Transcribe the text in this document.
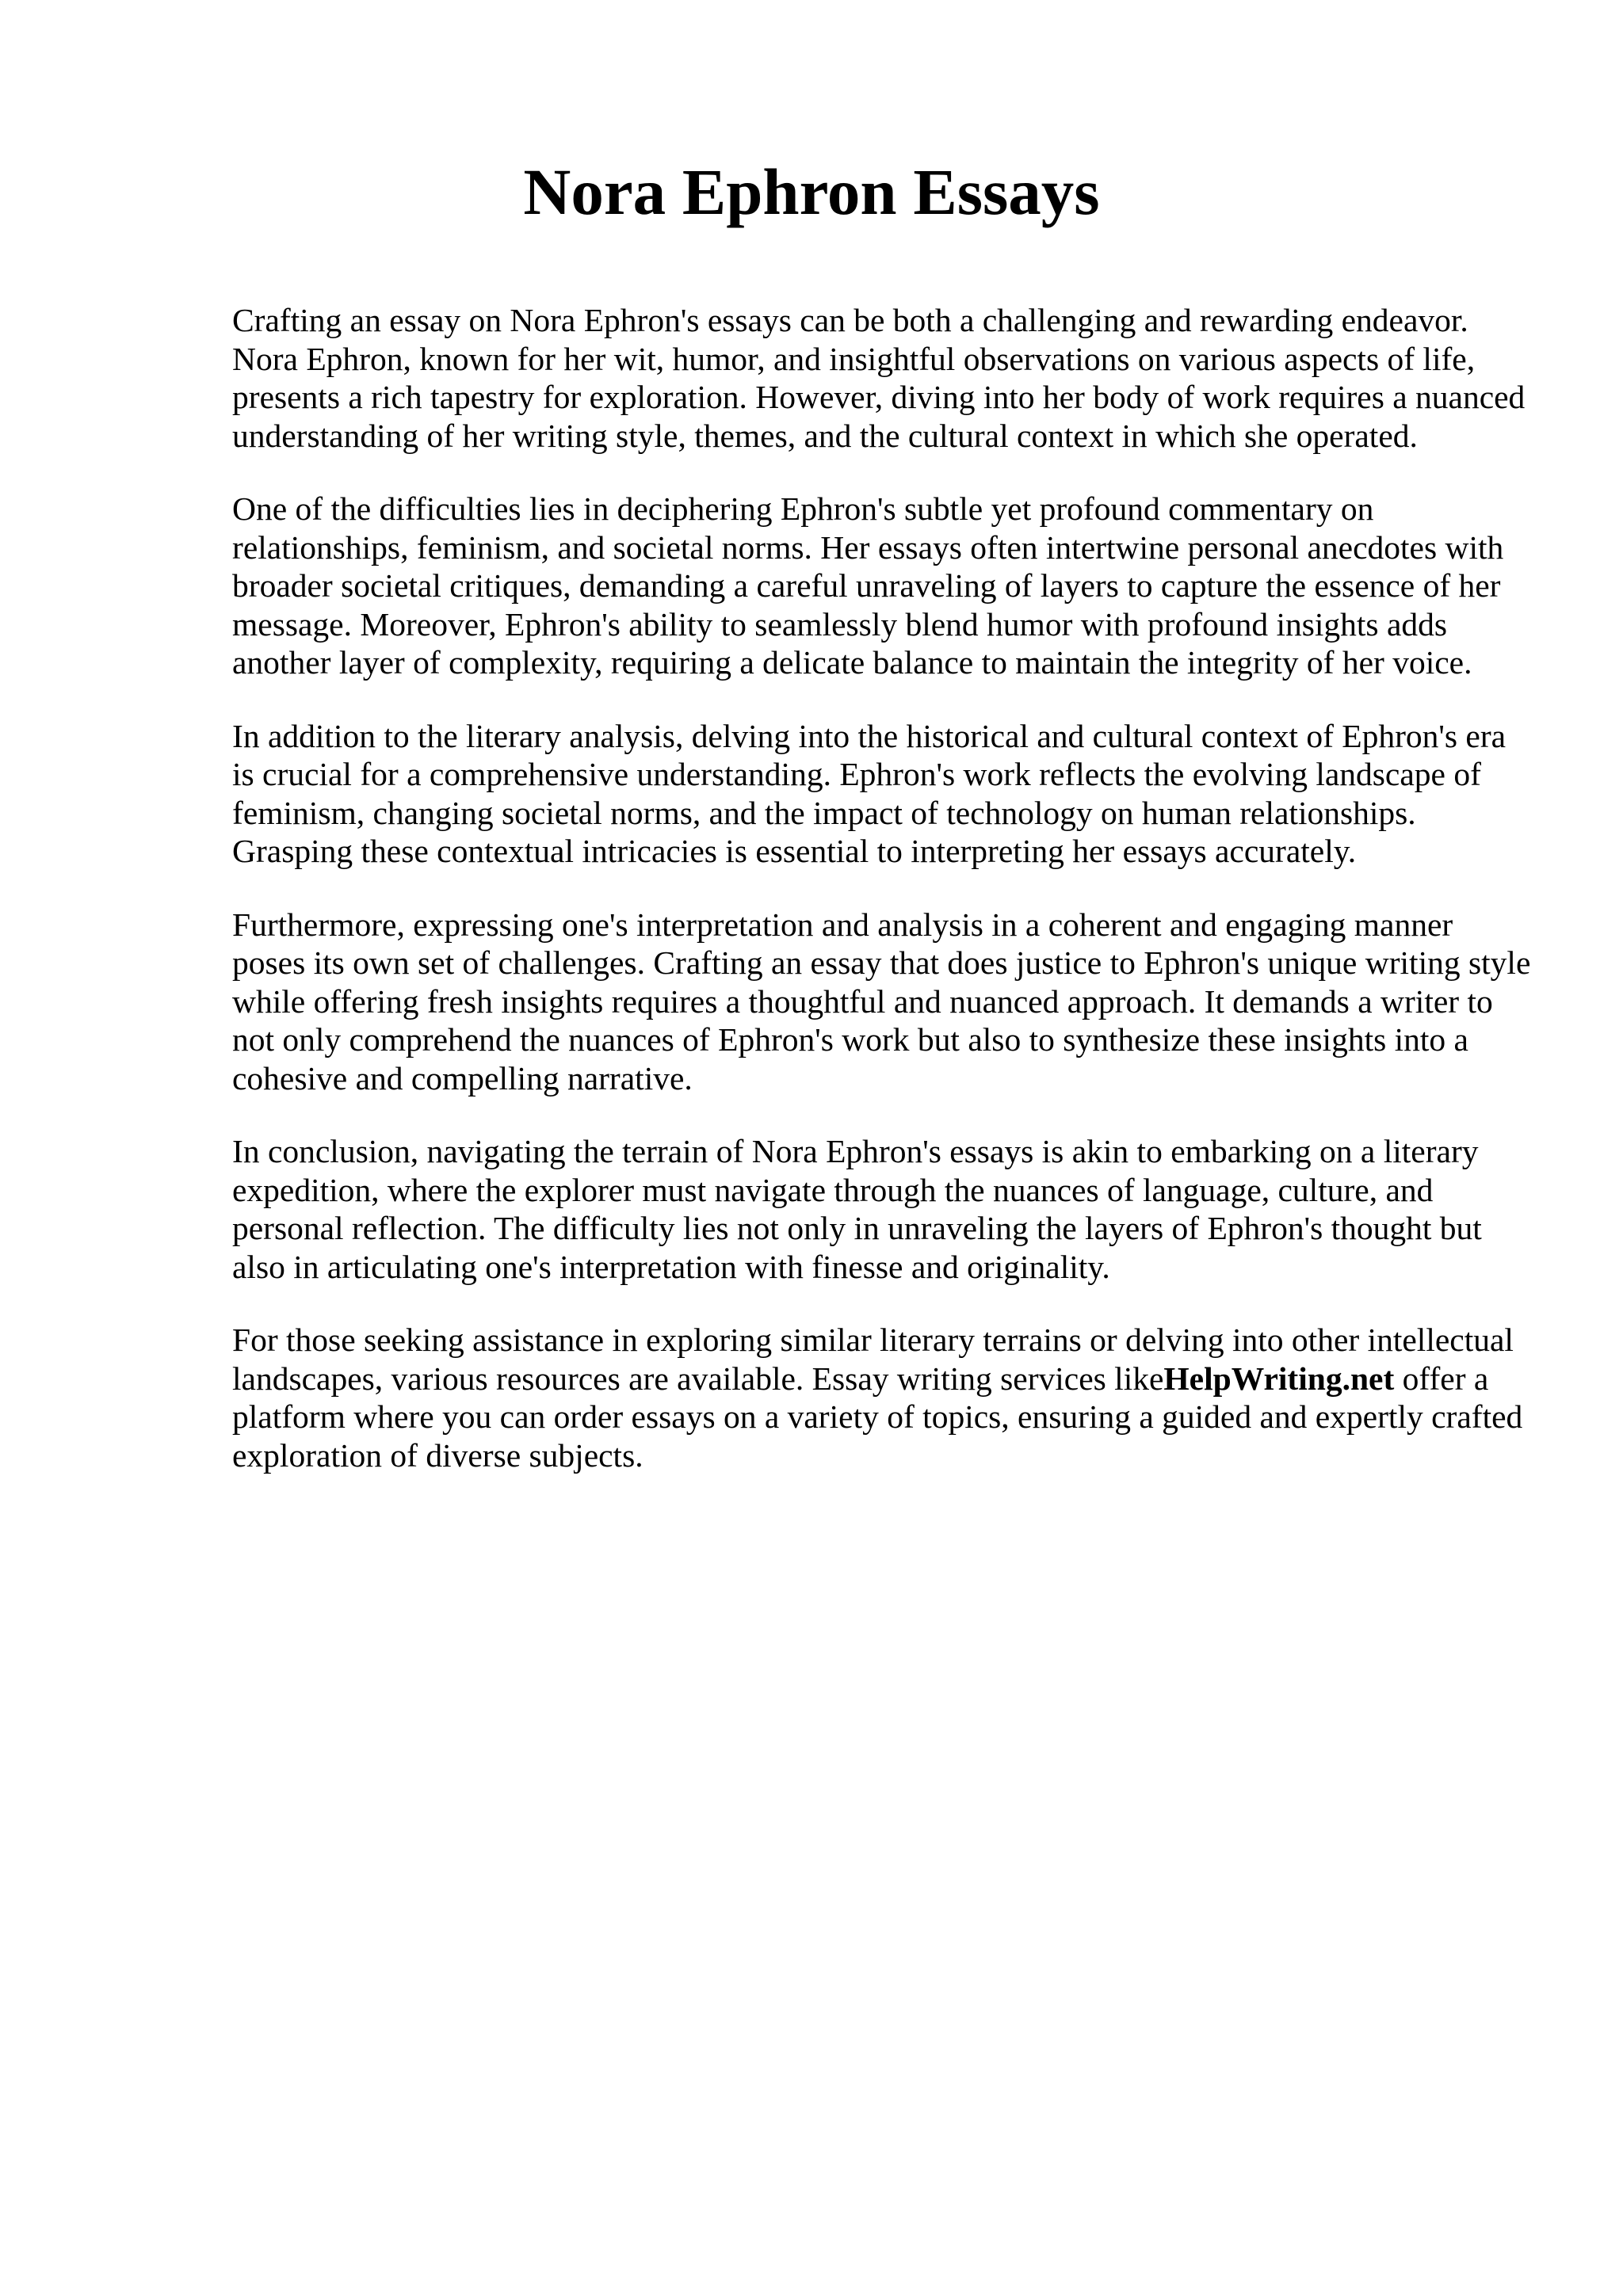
Nora Ephron Essays

Crafting an essay on Nora Ephron's essays can be both a challenging and rewarding endeavor. Nora Ephron, known for her wit, humor, and insightful observations on various aspects of life, presents a rich tapestry for exploration. However, diving into her body of work requires a nuanced understanding of her writing style, themes, and the cultural context in which she operated.

One of the difficulties lies in deciphering Ephron's subtle yet profound commentary on relationships, feminism, and societal norms. Her essays often intertwine personal anecdotes with broader societal critiques, demanding a careful unraveling of layers to capture the essence of her message. Moreover, Ephron's ability to seamlessly blend humor with profound insights adds another layer of complexity, requiring a delicate balance to maintain the integrity of her voice.

In addition to the literary analysis, delving into the historical and cultural context of Ephron's era is crucial for a comprehensive understanding. Ephron's work reflects the evolving landscape of feminism, changing societal norms, and the impact of technology on human relationships. Grasping these contextual intricacies is essential to interpreting her essays accurately.

Furthermore, expressing one's interpretation and analysis in a coherent and engaging manner poses its own set of challenges. Crafting an essay that does justice to Ephron's unique writing style while offering fresh insights requires a thoughtful and nuanced approach. It demands a writer to not only comprehend the nuances of Ephron's work but also to synthesize these insights into a cohesive and compelling narrative.

In conclusion, navigating the terrain of Nora Ephron's essays is akin to embarking on a literary expedition, where the explorer must navigate through the nuances of language, culture, and personal reflection. The difficulty lies not only in unraveling the layers of Ephron's thought but also in articulating one's interpretation with finesse and originality.

For those seeking assistance in exploring similar literary terrains or delving into other intellectual landscapes, various resources are available. Essay writing services likeHelpWriting.net offer a platform where you can order essays on a variety of topics, ensuring a guided and expertly crafted exploration of diverse subjects.
